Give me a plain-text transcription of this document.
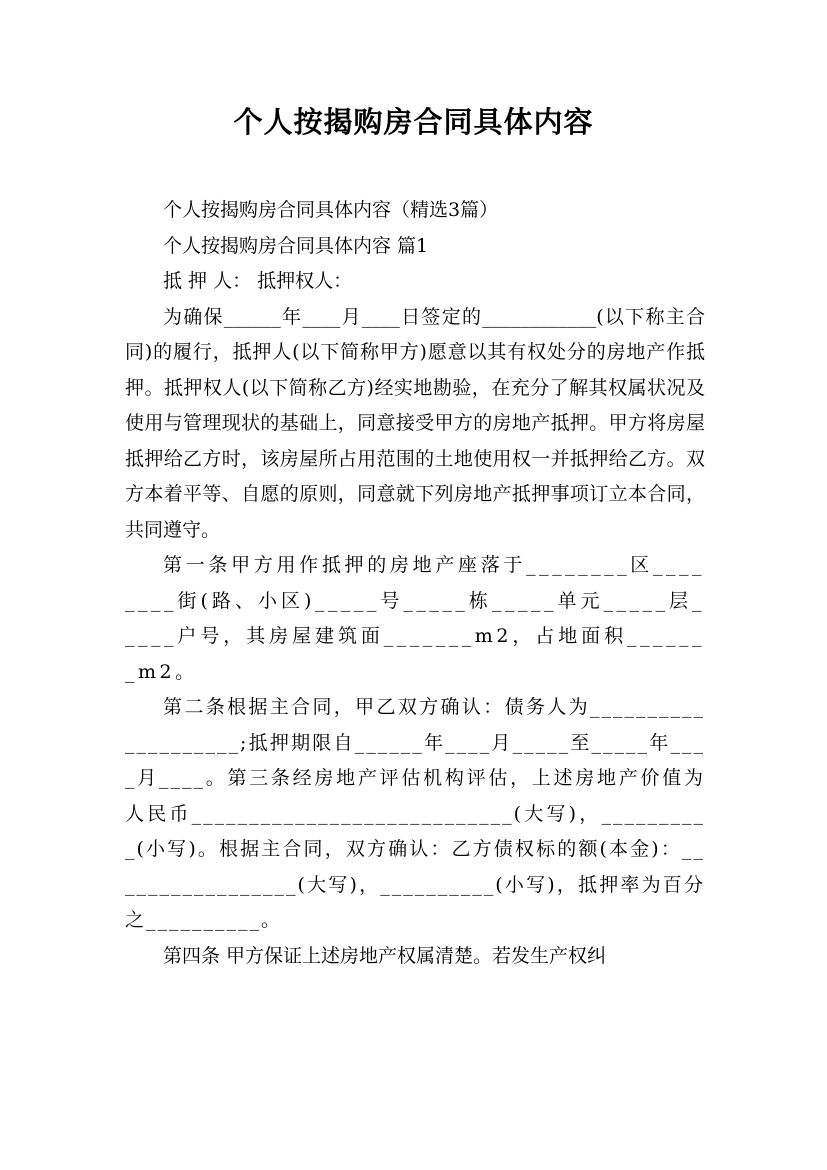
个人按揭购房合同具体内容

个人按揭购房合同具体内容（精选3篇）

个人按揭购房合同具体内容 篇1

抵 押 人： 抵押权人：

为确保______年____月____日签定的____________(以下称主合同)的履行，抵押人(以下简称甲方)愿意以其有权处分的房地产作抵押。抵押权人(以下简称乙方)经实地勘验，在充分了解其权属状况及使用与管理现状的基础上，同意接受甲方的房地产抵押。甲方将房屋抵押给乙方时，该房屋所占用范围的土地使用权一并抵押给乙方。双方本着平等、自愿的原则，同意就下列房地产抵押事项订立本合同，共同遵守。

第一条甲方用作抵押的房地产座落于________区________街(路、小区)_____号_____栋_____单元_____层_____户号，其房屋建筑面_______m2，占地面积_______m2。

第二条根据主合同，甲乙双方确认：债务人为____________________;抵押期限自______年____月_____至_____年____月____。第三条经房地产评估机构评估，上述房地产价值为人民币____________________________(大写)，__________(小写)。根据主合同，双方确认：乙方债权标的额(本金)：_________________(大写)，__________(小写)，抵押率为百分之__________。

第四条 甲方保证上述房地产权属清楚。若发生产权纠
